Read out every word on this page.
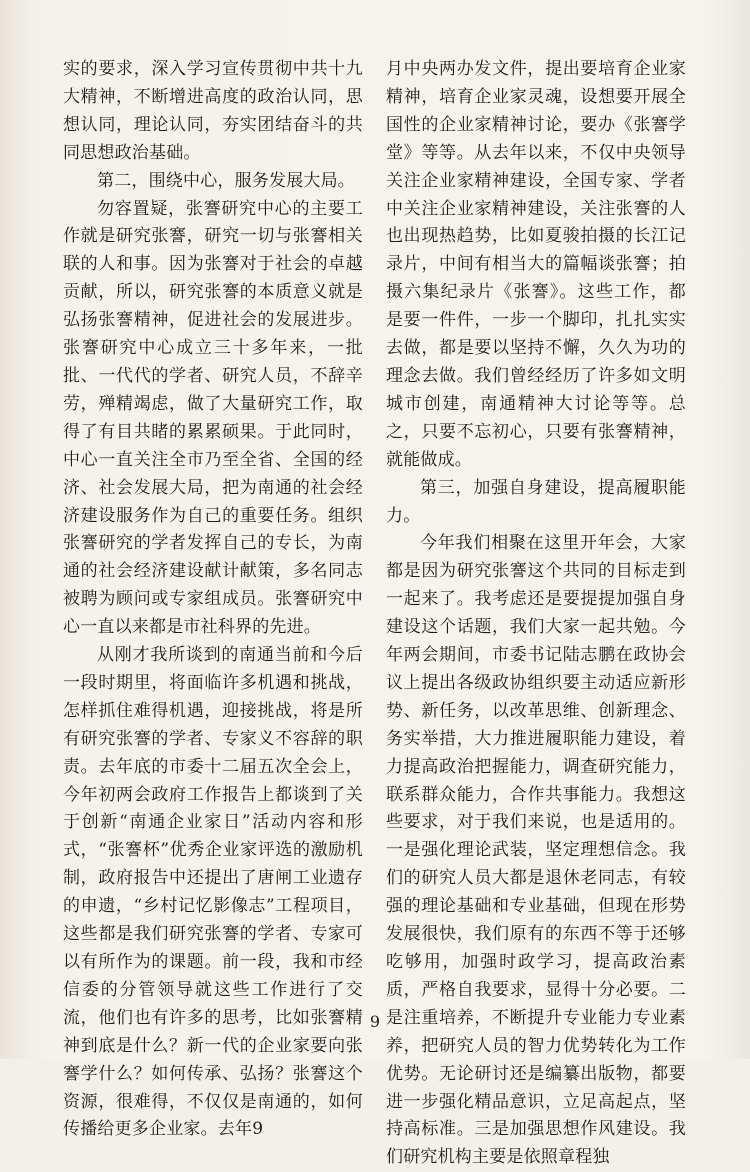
实的要求，深入学习宣传贯彻中共十九大精神，不断增进高度的政治认同，思想认同，理论认同，夯实团结奋斗的共同思想政治基础。

第二，围绕中心，服务发展大局。

勿容置疑，张謇研究中心的主要工作就是研究张謇，研究一切与张謇相关联的人和事。因为张謇对于社会的卓越贡献，所以，研究张謇的本质意义就是弘扬张謇精神，促进社会的发展进步。张謇研究中心成立三十多年来，一批批、一代代的学者、研究人员，不辞辛劳，殚精竭虑，做了大量研究工作，取得了有目共睹的累累硕果。于此同时，中心一直关注全市乃至全省、全国的经济、社会发展大局，把为南通的社会经济建设服务作为自己的重要任务。组织张謇研究的学者发挥自己的专长，为南通的社会经济建设献计献策，多名同志被聘为顾问或专家组成员。张謇研究中心一直以来都是市社科界的先进。

从刚才我所谈到的南通当前和今后一段时期里，将面临许多机遇和挑战，怎样抓住难得机遇，迎接挑战，将是所有研究张謇的学者、专家义不容辞的职责。去年底的市委十二届五次全会上，今年初两会政府工作报告上都谈到了关于创新“南通企业家日”活动内容和形式，“张謇杯”优秀企业家评选的激励机制，政府报告中还提出了唐闸工业遗存的申遗，“乡村记忆影像志”工程项目，这些都是我们研究张謇的学者、专家可以有所作为的课题。前一段，我和市经信委的分管领导就这些工作进行了交流，他们也有许多的思考，比如张謇精神到底是什么？新一代的企业家要向张謇学什么？如何传承、弘扬？张謇这个资源，很难得，不仅仅是南通的，如何传播给更多企业家。去年9

月中央两办发文件，提出要培育企业家精神，培育企业家灵魂，设想要开展全国性的企业家精神讨论，要办《张謇学堂》等等。从去年以来，不仅中央领导关注企业家精神建设，全国专家、学者中关注企业家精神建设，关注张謇的人也出现热趋势，比如夏骏拍摄的长江记录片，中间有相当大的篇幅谈张謇；拍摄六集纪录片《张謇》。这些工作，都是要一件件，一步一个脚印，扎扎实实去做，都是要以坚持不懈，久久为功的理念去做。我们曾经经历了许多如文明城市创建，南通精神大讨论等等。总之，只要不忘初心，只要有张謇精神，就能做成。

第三，加强自身建设，提高履职能力。

今年我们相聚在这里开年会，大家都是因为研究张謇这个共同的目标走到一起来了。我考虑还是要提提加强自身建设这个话题，我们大家一起共勉。今年两会期间，市委书记陆志鹏在政协会议上提出各级政协组织要主动适应新形势、新任务，以改革思维、创新理念、务实举措，大力推进履职能力建设，着力提高政治把握能力，调查研究能力，联系群众能力，合作共事能力。我想这些要求，对于我们来说，也是适用的。一是强化理论武装，坚定理想信念。我们的研究人员大都是退休老同志，有较强的理论基础和专业基础，但现在形势发展很快，我们原有的东西不等于还够吃够用，加强时政学习，提高政治素质，严格自我要求，显得十分必要。二是注重培养，不断提升专业能力专业素养，把研究人员的智力优势转化为工作优势。无论研讨还是编纂出版物，都要进一步强化精品意识，立足高起点，坚持高标准。三是加强思想作风建设。我们研究机构主要是依照章程独

9
